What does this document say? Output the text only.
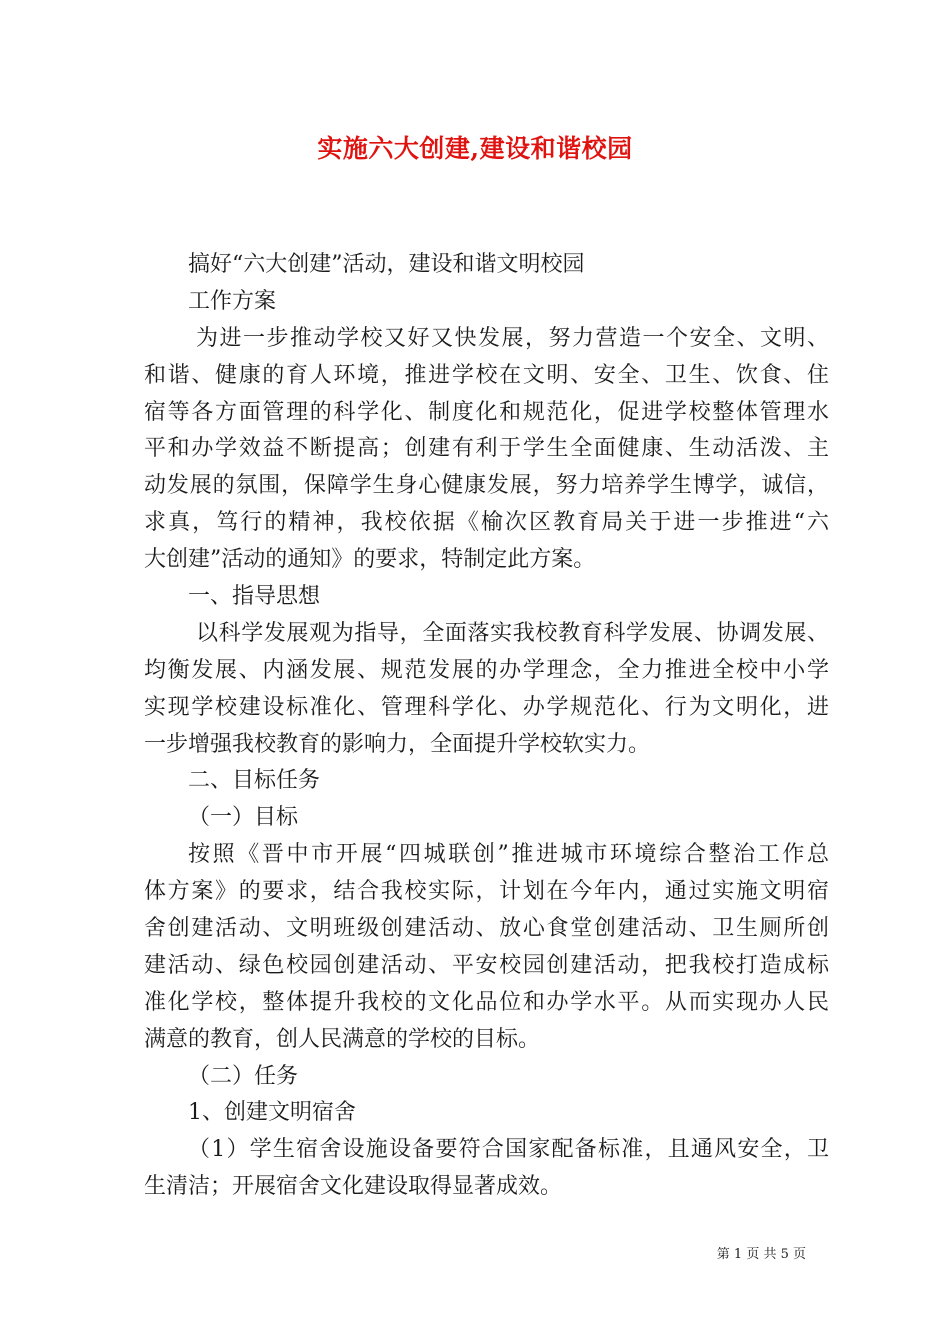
实施六大创建,建设和谐校园
搞好“六大创建”活动，建设和谐文明校园
工作方案
为进一步推动学校又好又快发展，努力营造一个安全、文明、
和谐、健康的育人环境，推进学校在文明、安全、卫生、饮食、住
宿等各方面管理的科学化、制度化和规范化，促进学校整体管理水
平和办学效益不断提高；创建有利于学生全面健康、生动活泼、主
动发展的氛围，保障学生身心健康发展，努力培养学生博学，诚信，
求真，笃行的精神，我校依据《榆次区教育局关于进一步推进“六
大创建”活动的通知》的要求，特制定此方案。
一、指导思想
以科学发展观为指导，全面落实我校教育科学发展、协调发展、
均衡发展、内涵发展、规范发展的办学理念，全力推进全校中小学
实现学校建设标准化、管理科学化、办学规范化、行为文明化，进
一步增强我校教育的影响力，全面提升学校软实力。
二、目标任务
（一）目标
按照《晋中市开展“四城联创”推进城市环境综合整治工作总
体方案》的要求，结合我校实际，计划在今年内，通过实施文明宿
舍创建活动、文明班级创建活动、放心食堂创建活动、卫生厕所创
建活动、绿色校园创建活动、平安校园创建活动，把我校打造成标
准化学校，整体提升我校的文化品位和办学水平。从而实现办人民
满意的教育，创人民满意的学校的目标。
（二）任务
1、创建文明宿舍
（1）学生宿舍设施设备要符合国家配备标准，且通风安全，卫
生清洁；开展宿舍文化建设取得显著成效。
第 1 页 共 5 页
